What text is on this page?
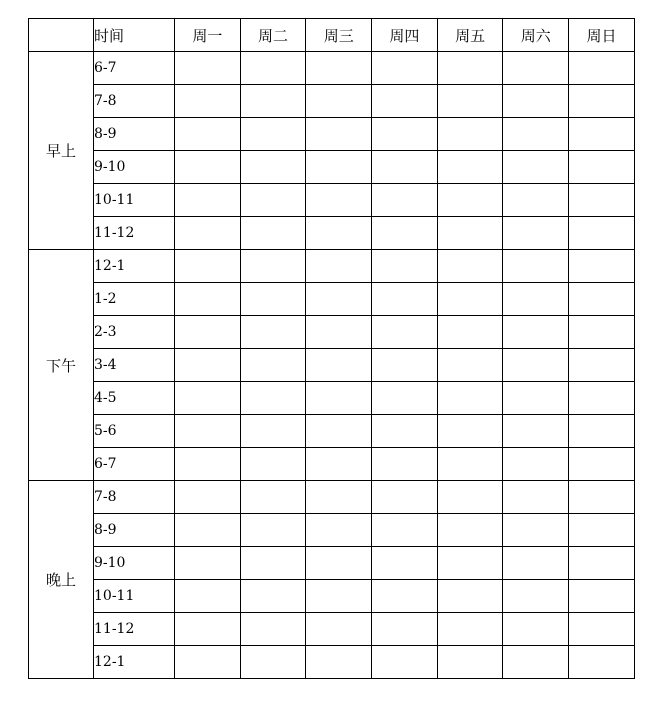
	时间	周一	周二	周三	周四	周五	周六	周日
早上	6-7							
	7-8							
	8-9							
	9-10							
	10-11							
	11-12							
下午	12-1							
	1-2							
	2-3							
	3-4							
	4-5							
	5-6							
	6-7							
晚上	7-8							
	8-9							
	9-10							
	10-11							
	11-12							
	12-1							
